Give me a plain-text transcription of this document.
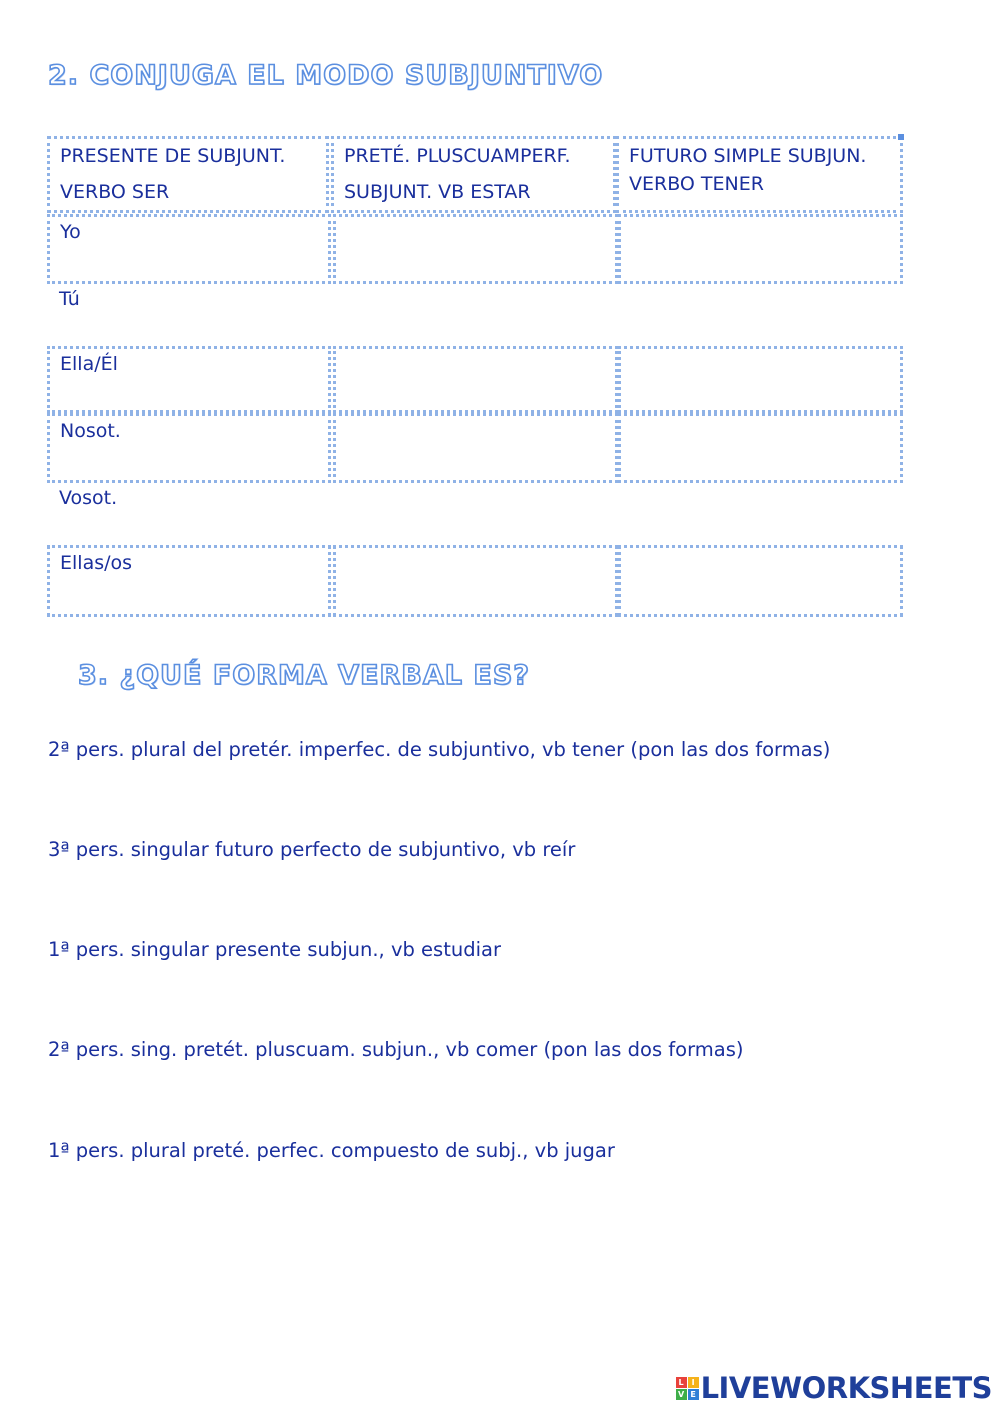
2. CONJUGA EL MODO SUBJUNTIVO
PRESENTE DE SUBJUNT.
VERBO SER
PRETÉ. PLUSCUAMPERF.
SUBJUNT. VB ESTAR
FUTURO SIMPLE SUBJUN.
VERBO TENER
Yo
Tú
Ella/Él
Nosot.
Vosot.
Ellas/os
3. ¿QUÉ FORMA VERBAL ES?
2ª pers. plural del pretér. imperfec. de subjuntivo, vb tener (pon las dos formas)
3ª pers. singular futuro perfecto de subjuntivo, vb reír
1ª pers. singular presente subjun., vb estudiar
2ª pers. sing. pretét. pluscuam. subjun., vb comer (pon las dos formas)
1ª pers. plural preté. perfec. compuesto de subj., vb jugar
L I
V E LIVEWORKSHEETS
